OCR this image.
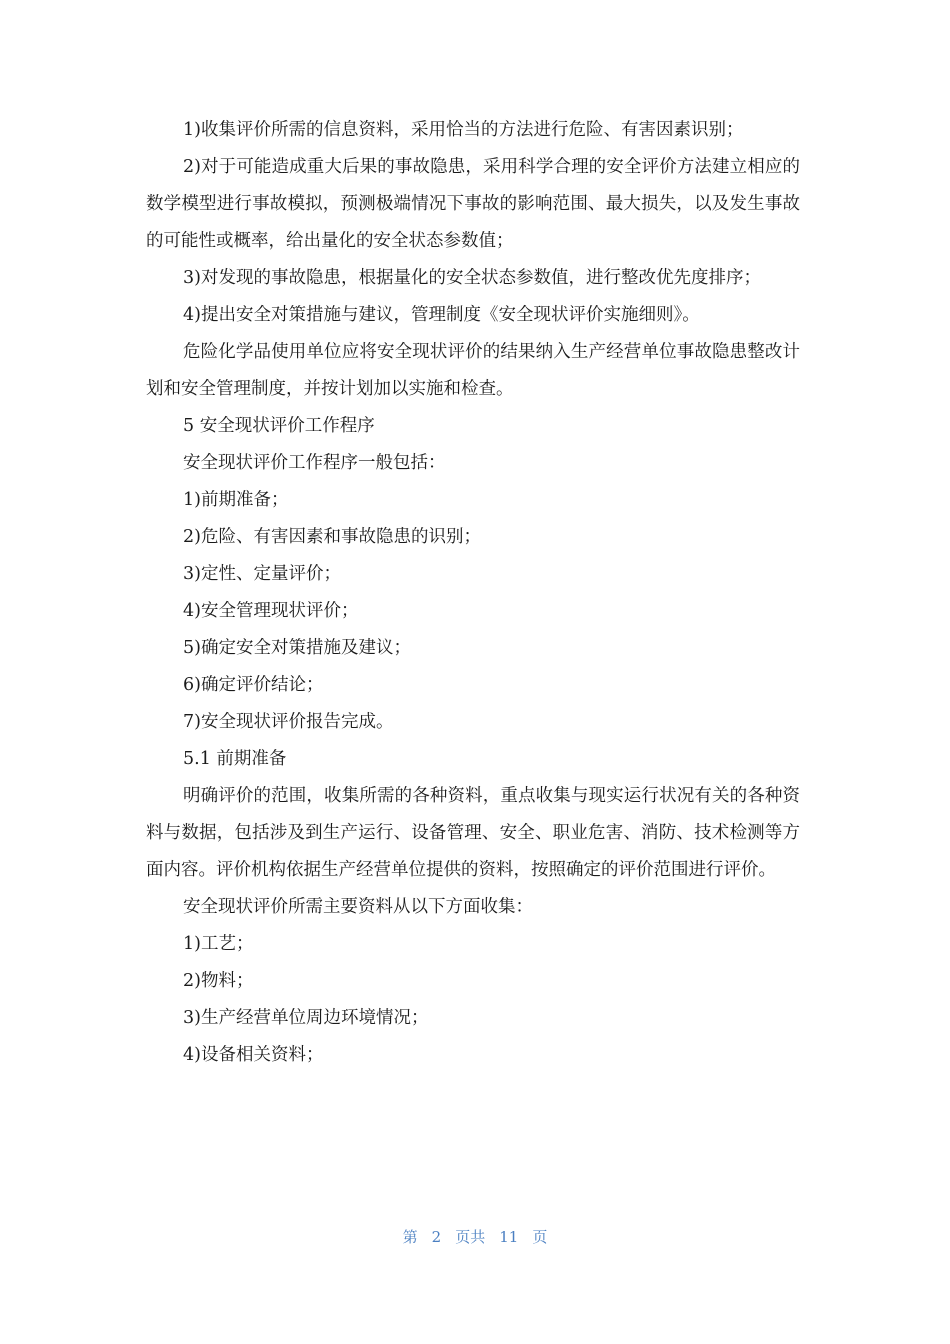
1)收集评价所需的信息资料，采用恰当的方法进行危险、有害因素识别；

2)对于可能造成重大后果的事故隐患，采用科学合理的安全评价方法建立相应的数学模型进行事故模拟，预测极端情况下事故的影响范围、最大损失，以及发生事故的可能性或概率，给出量化的安全状态参数值；

3)对发现的事故隐患，根据量化的安全状态参数值，进行整改优先度排序；

4)提出安全对策措施与建议，管理制度《安全现状评价实施细则》。

危险化学品使用单位应将安全现状评价的结果纳入生产经营单位事故隐患整改计划和安全管理制度，并按计划加以实施和检查。

5 安全现状评价工作程序

安全现状评价工作程序一般包括：

1)前期准备；

2)危险、有害因素和事故隐患的识别；

3)定性、定量评价；

4)安全管理现状评价；

5)确定安全对策措施及建议；

6)确定评价结论；

7)安全现状评价报告完成。

5.1 前期准备

明确评价的范围，收集所需的各种资料，重点收集与现实运行状况有关的各种资料与数据，包括涉及到生产运行、设备管理、安全、职业危害、消防、技术检测等方面内容。评价机构依据生产经营单位提供的资料，按照确定的评价范围进行评价。

安全现状评价所需主要资料从以下方面收集：

1)工艺；

2)物料；

3)生产经营单位周边环境情况；

4)设备相关资料；

第 2 页共 11 页
